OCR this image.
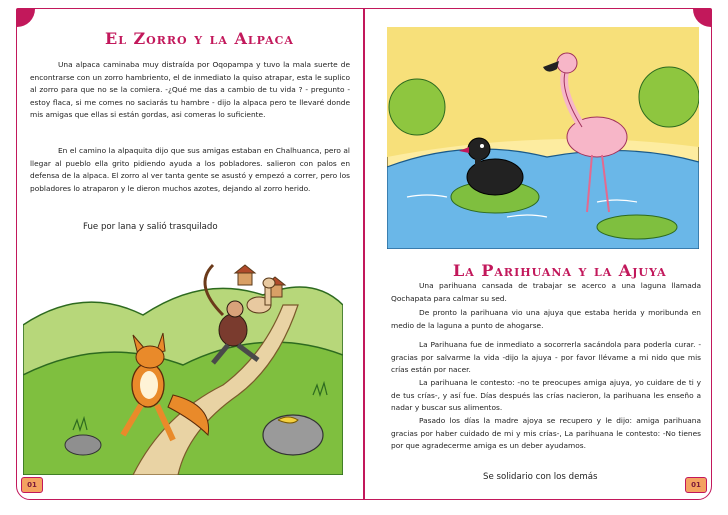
El Zorro y la Alpaca
Una alpaca caminaba muy distraída por Oqopampa y tuvo la mala suerte de encontrarse con un zorro hambriento, el de inmediato la quiso atrapar, esta le suplico al zorro para que no se la comiera. -¿Qué me das a cambio de tu vida ? - pregunto - estoy flaca, si me comes no saciarás tu hambre - dijo la alpaca pero te llevaré donde mis amigas que ellas si están gordas, asi comeras lo suficiente.
En el camino la alpaquita dijo que sus amigas estaban en Chalhuanca, pero al llegar al pueblo ella grito pidiendo ayuda a los pobladores. salieron con palos en defensa de la alpaca. El zorro al ver tanta gente se asustó y empezó a correr, pero los pobladores lo atraparon y le dieron muchos azotes, dejando al zorro herido.
Fue por lana y salió trasquilado
01
La Parihuana y la Ajuya
Una parihuana cansada de trabajar se acerco a una laguna llamada Qochapata para calmar su sed.
De pronto la parihuana vio una ajuya que estaba herida y moribunda en medio de la laguna a punto de ahogarse.
La Parihuana fue de inmediato a socorrerla sacándola para poderla curar. - gracias por salvarme la vida -dijo la ajuya - por favor llévame a mi nido que mis crías están por nacer.
La parihuana le contesto: -no te preocupes amiga ajuya, yo cuidare de ti y de tus crías-, y así fue. Días después las crías nacieron, la parihuana les enseño a nadar y buscar sus alimentos.
Pasado los días la madre ajoya se recupero y le dijo: amiga parihuana gracias por haber cuidado de mi y mis crías-, La parihuana le contesto: -No tienes por que agradecerme amiga es un deber ayudamos.
Se solidario con los demás
01
